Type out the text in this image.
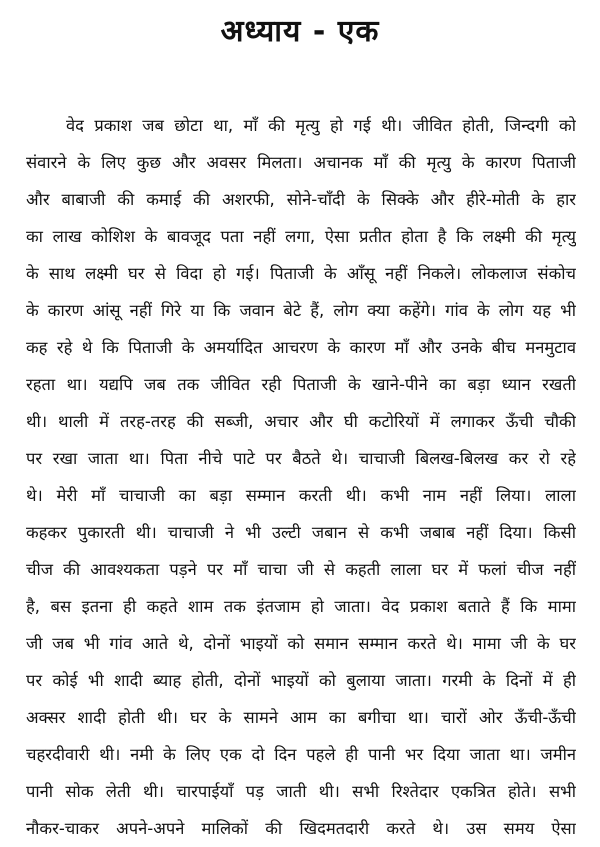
अध्याय - एक
वेद प्रकाश जब छोटा था, माँ की मृत्यु हो गई थी। जीवित होती, जिन्दगी को
संवारने के लिए कुछ और अवसर मिलता। अचानक माँ की मृत्यु के कारण पिताजी
और बाबाजी की कमाई की अशरफी, सोने-चाँदी के सिक्के और हीरे-मोती के हार
का लाख कोशिश के बावजूद पता नहीं लगा, ऐसा प्रतीत होता है कि लक्ष्मी की मृत्यु
के साथ लक्ष्मी घर से विदा हो गई। पिताजी के आँसू नहीं निकले। लोकलाज संकोच
के कारण आंसू नहीं गिरे या कि जवान बेटे हैं, लोग क्या कहेंगे। गांव के लोग यह भी
कह रहे थे कि पिताजी के अमर्यादित आचरण के कारण माँ और उनके बीच मनमुटाव
रहता था। यद्यपि जब तक जीवित रही पिताजी के खाने-पीने का बड़ा ध्यान रखती
थी। थाली में तरह-तरह की सब्जी, अचार और घी कटोरियों में लगाकर ऊँची चौकी
पर रखा जाता था। पिता नीचे पाटे पर बैठते थे। चाचाजी बिलख-बिलख कर रो रहे
थे। मेरी माँ चाचाजी का बड़ा सम्मान करती थी। कभी नाम नहीं लिया। लाला
कहकर पुकारती थी। चाचाजी ने भी उल्टी जबान से कभी जबाब नहीं दिया। किसी
चीज की आवश्यकता पड़ने पर माँ चाचा जी से कहती लाला घर में फलां चीज नहीं
है, बस इतना ही कहते शाम तक इंतजाम हो जाता। वेद प्रकाश बताते हैं कि मामा
जी जब भी गांव आते थे, दोनों भाइयों को समान सम्मान करते थे। मामा जी के घर
पर कोई भी शादी ब्याह होती, दोनों भाइयों को बुलाया जाता। गरमी के दिनों में ही
अक्सर शादी होती थी। घर के सामने आम का बगीचा था। चारों ओर ऊँची-ऊँची
चहरदीवारी थी। नमी के लिए एक दो दिन पहले ही पानी भर दिया जाता था। जमीन
पानी सोक लेती थी। चारपाईयाँ पड़ जाती थी। सभी रिश्तेदार एकत्रित होते। सभी
नौकर-चाकर अपने-अपने मालिकों की खिदमतदारी करते थे। उस समय ऐसा
